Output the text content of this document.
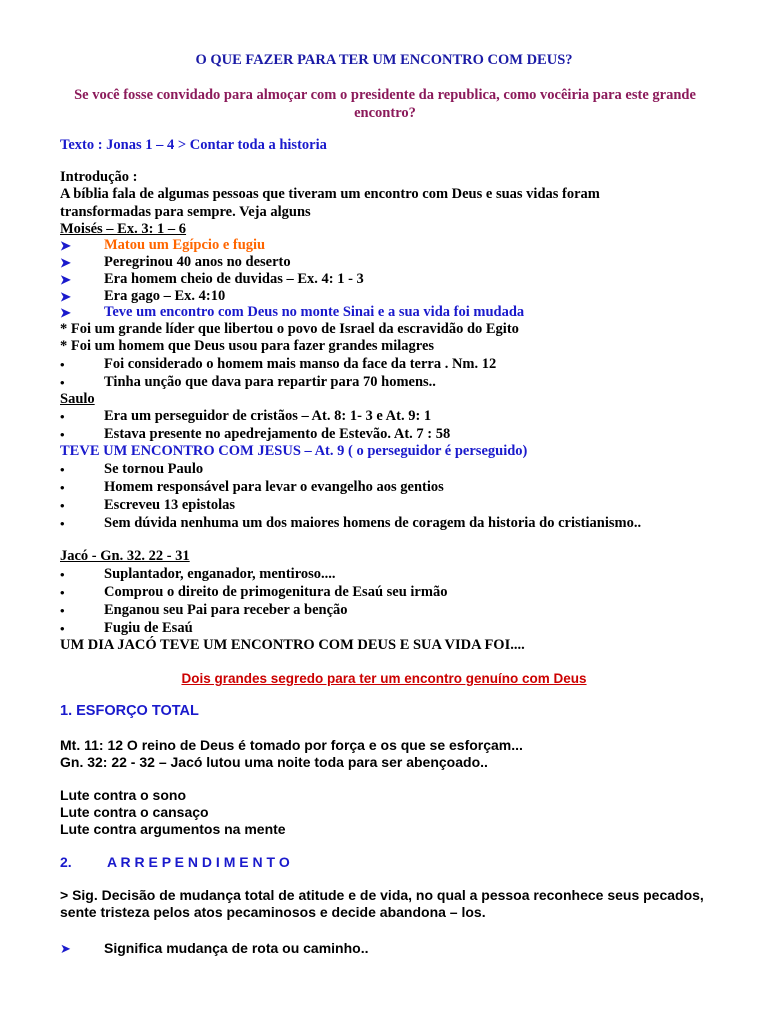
O QUE FAZER PARA TER UM ENCONTRO COM DEUS?
Se você fosse convidado para almoçar com o presidente da republica, como vocêiria para este grande encontro?
Texto : Jonas 1 – 4 > Contar toda a historia
Introdução :
A bíblia fala de algumas pessoas que tiveram um encontro com Deus e suas vidas foram transformadas para sempre. Veja alguns
Moisés – Ex. 3: 1 – 6
➤ Matou um Egípcio e fugiu
➤ Peregrinou 40 anos no deserto
➤ Era homem cheio de duvidas – Ex. 4: 1 - 3
➤ Era gago – Ex. 4:10
➤ Teve um encontro com Deus no monte Sinai e a sua vida foi mudada
* Foi um grande líder que libertou o povo de Israel da escravidão do Egito
* Foi um homem que Deus usou para fazer grandes milagres
•	Foi considerado o homem mais manso da face da terra . Nm. 12
•	Tinha unção que dava para repartir para 70 homens..
Saulo
•	Era um perseguidor de cristãos – At. 8: 1- 3 e At. 9: 1
•	Estava presente no apedrejamento de Estevão. At. 7 : 58
TEVE UM ENCONTRO COM JESUS – At. 9 ( o perseguidor é perseguido)
•	Se tornou Paulo
•	Homem responsável para levar o evangelho aos gentios
•	Escreveu 13 epistolas
•	Sem dúvida nenhuma um dos maiores homens de coragem da historia do cristianismo..
Jacó - Gn. 32. 22 - 31
•	Suplantador, enganador, mentiroso....
•	Comprou o direito de primogenitura de Esaú seu irmão
•	Enganou seu Pai para receber a benção
•	Fugiu de Esaú
UM DIA JACÓ TEVE UM ENCONTRO COM DEUS E SUA VIDA FOI....
Dois grandes segredo para ter um encontro genuíno com Deus
1. ESFORÇO TOTAL
Mt. 11: 12 O reino de Deus é tomado por força e os que se esforçam...
Gn. 32: 22 - 32 – Jacó lutou uma noite toda para ser abençoado..
Lute contra o sono
Lute contra o cansaço
Lute contra argumentos na mente
2.	A R R E P E N D I M E N T O
> Sig. Decisão de mudança total de atitude e de vida, no qual a pessoa reconhece seus pecados, sente tristeza pelos atos pecaminosos e decide abandona – los.
➤ Significa mudança de rota ou caminho..
